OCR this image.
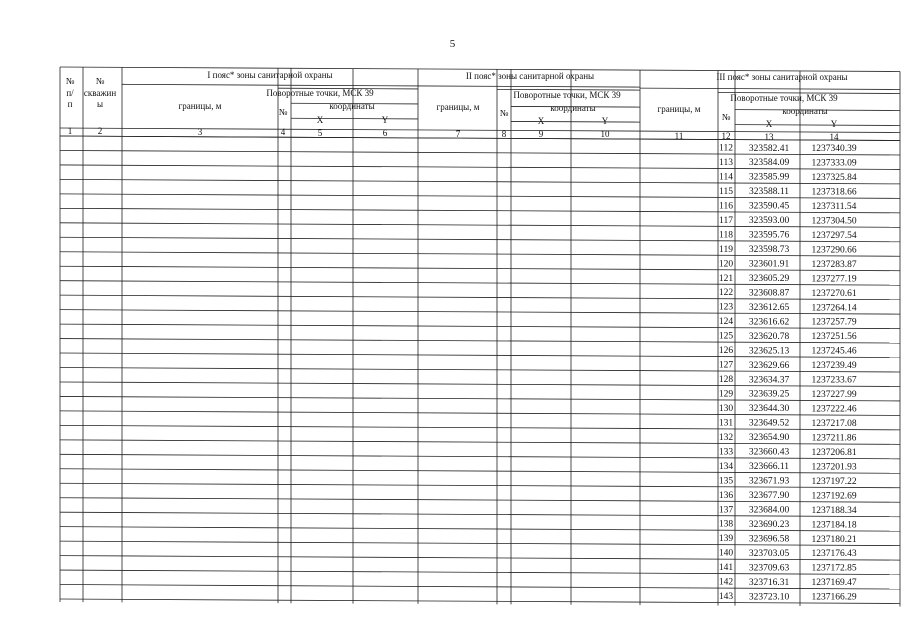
5
№
п/
п
№
скважин
ы
I пояс* зоны санитарной охраны	II пояс* зоны санитарной охраны	III пояс* зоны санитарной охраны
границы, м
Поворотные точки, МСК 39
№
координаты
X	Y
границы, м
Поворотные точки, МСК 39
№	координаты
X	Y
границы, м
Поворотные точки, МСК 39
№
координаты
X	Y
1	2	3	4	5	6	7	8	9	10	11	12	13	14
112 323582.41 1237340.39
113 323584.09 1237333.09
114 323585.99 1237325.84
115 323588.11 1237318.66
116 323590.45 1237311.54
117 323593.00 1237304.50
118 323595.76 1237297.54
119 323598.73 1237290.66
120 323601.91 1237283.87
121 323605.29 1237277.19
122 323608.87 1237270.61
123 323612.65 1237264.14
124 323616.62 1237257.79
125 323620.78 1237251.56
126 323625.13 1237245.46
127 323629.66 1237239.49
128 323634.37 1237233.67
129 323639.25 1237227.99
130 323644.30 1237222.46
131 323649.52 1237217.08
132 323654.90 1237211.86
133 323660.43 1237206.81
134 323666.11 1237201.93
135 323671.93 1237197.22
136 323677.90 1237192.69
137 323684.00 1237188.34
138 323690.23 1237184.18
139 323696.58 1237180.21
140 323703.05 1237176.43
141 323709.63 1237172.85
142 323716.31 1237169.47
143 323723.10 1237166.29
